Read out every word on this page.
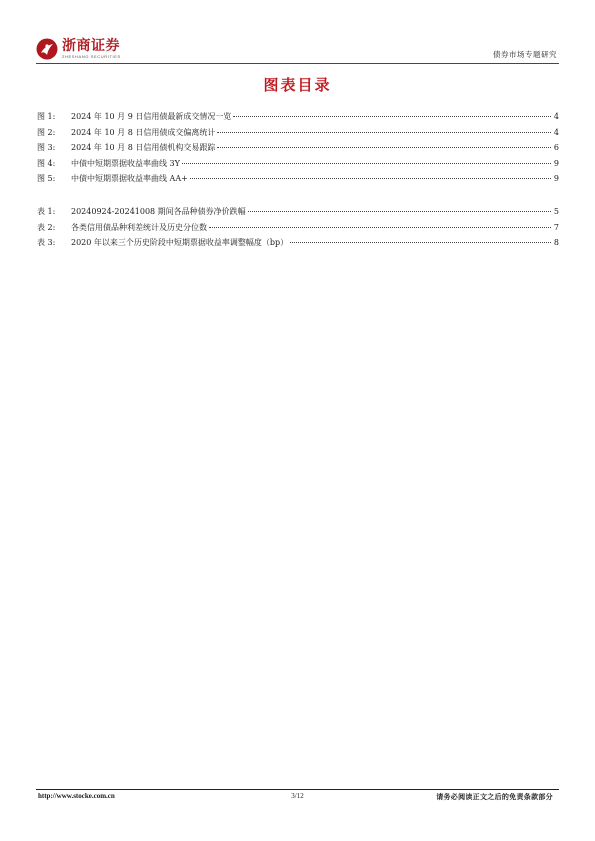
浙商证券
ZHESHANG SECURITIES	债券市场专题研究
图表目录
图 1:	2024 年 10 月 9 日信用债最新成交情况一览	4
图 2:	2024 年 10 月 8 日信用债成交偏离统计	4
图 3:	2024 年 10 月 8 日信用债机构交易跟踪	6
图 4:	中债中短期票据收益率曲线 3Y	9
图 5:	中债中短期票据收益率曲线 AA+	9
表 1:	20240924-20241008 期间各品种债券净价跌幅	5
表 2:	各类信用债品种利差统计及历史分位数	7
表 3:	2020 年以来三个历史阶段中短期票据收益率调整幅度（bp）	8
http://www.stocke.com.cn	3/12	请务必阅读正文之后的免责条款部分
